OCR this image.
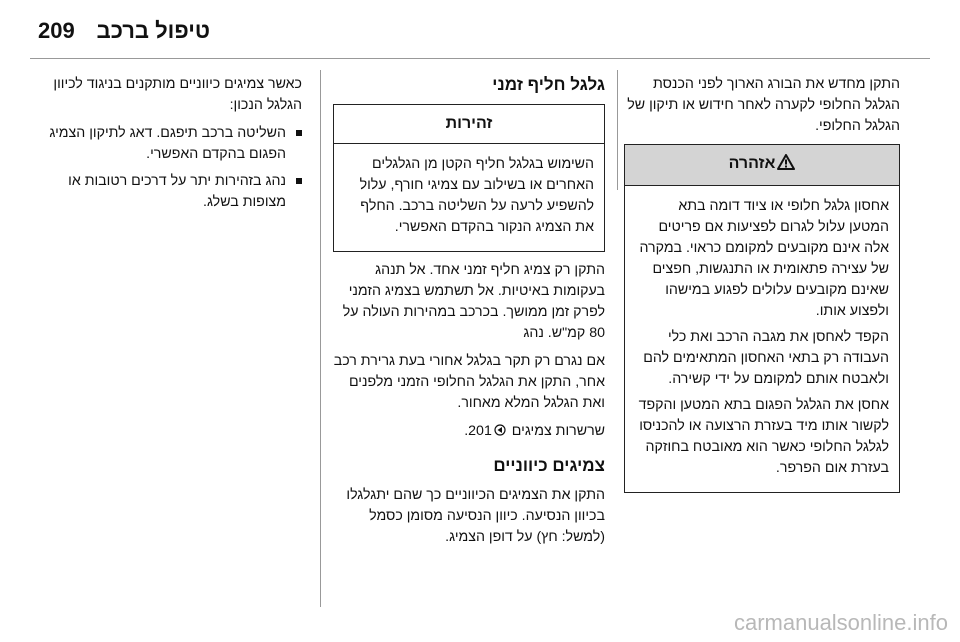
209 טיפול ברכב

התקן מחדש את הבורג הארוך לפני הכנסת הגלגל החלופי לקערה לאחר חידוש או תיקון של הגלגל החלופי.

אזהרה

אחסון גלגל חלופי או ציוד דומה בתא המטען עלול לגרום לפציעות אם פריטים אלה אינם מקובעים למקומם כראוי. במקרה של עצירה פתאומית או התנגשות, חפצים שאינם מקובעים עלולים לפגוע במישהו ולפצוע אותו.

הקפד לאחסן את מגבה הרכב ואת כלי העבודה רק בתאי האחסון המתאימים להם ולאבטח אותם למקומם על ידי קשירה.

אחסן את הגלגל הפגום בתא המטען והקפד לקשור אותו מיד בעזרת הרצועה או להכניסו לגלגל החלופי כאשר הוא מאובטח בחוזקה בעזרת אום הפרפר.

גלגל חליף זמני
זהירות

השימוש בגלגל חליף הקטן מן הגלגלים האחרים או בשילוב עם צמיגי חורף, עלול להשפיע לרעה על השליטה ברכב. החלף את הצמיג הנקור בהקדם האפשרי.

התקן רק צמיג חליף זמני אחד. אל תנהג בעקומות באיטיות. אל תשתמש בצמיג הזמני לפרק זמן ממושך. בכרכב במהירות העולה על 80 קמ"ש. נהג

אם נגרם רק תקר בגלגל אחורי בעת גרירת רכב אחר, התקן את הגלגל החלופי הזמני מלפנים ואת הגלגל המלא מאחור.

שרשרות צמיגים 201.

צמיגים כיווניים

התקן את הצמיגים הכיווניים כך שהם יתגלגלו בכיוון הנסיעה. כיוון הנסיעה מסומן כסמל (למשל: חץ) על דופן הצמיג.

כאשר צמיגים כיווניים מותקנים בניגוד לכיוון הגלגל הנכון:

השליטה ברכב תיפגם. דאג לתיקון הצמיג הפגום בהקדם האפשרי.
נהג בזהירות יתר על דרכים רטובות או מצופות בשלג.
carmanualsonline.info
